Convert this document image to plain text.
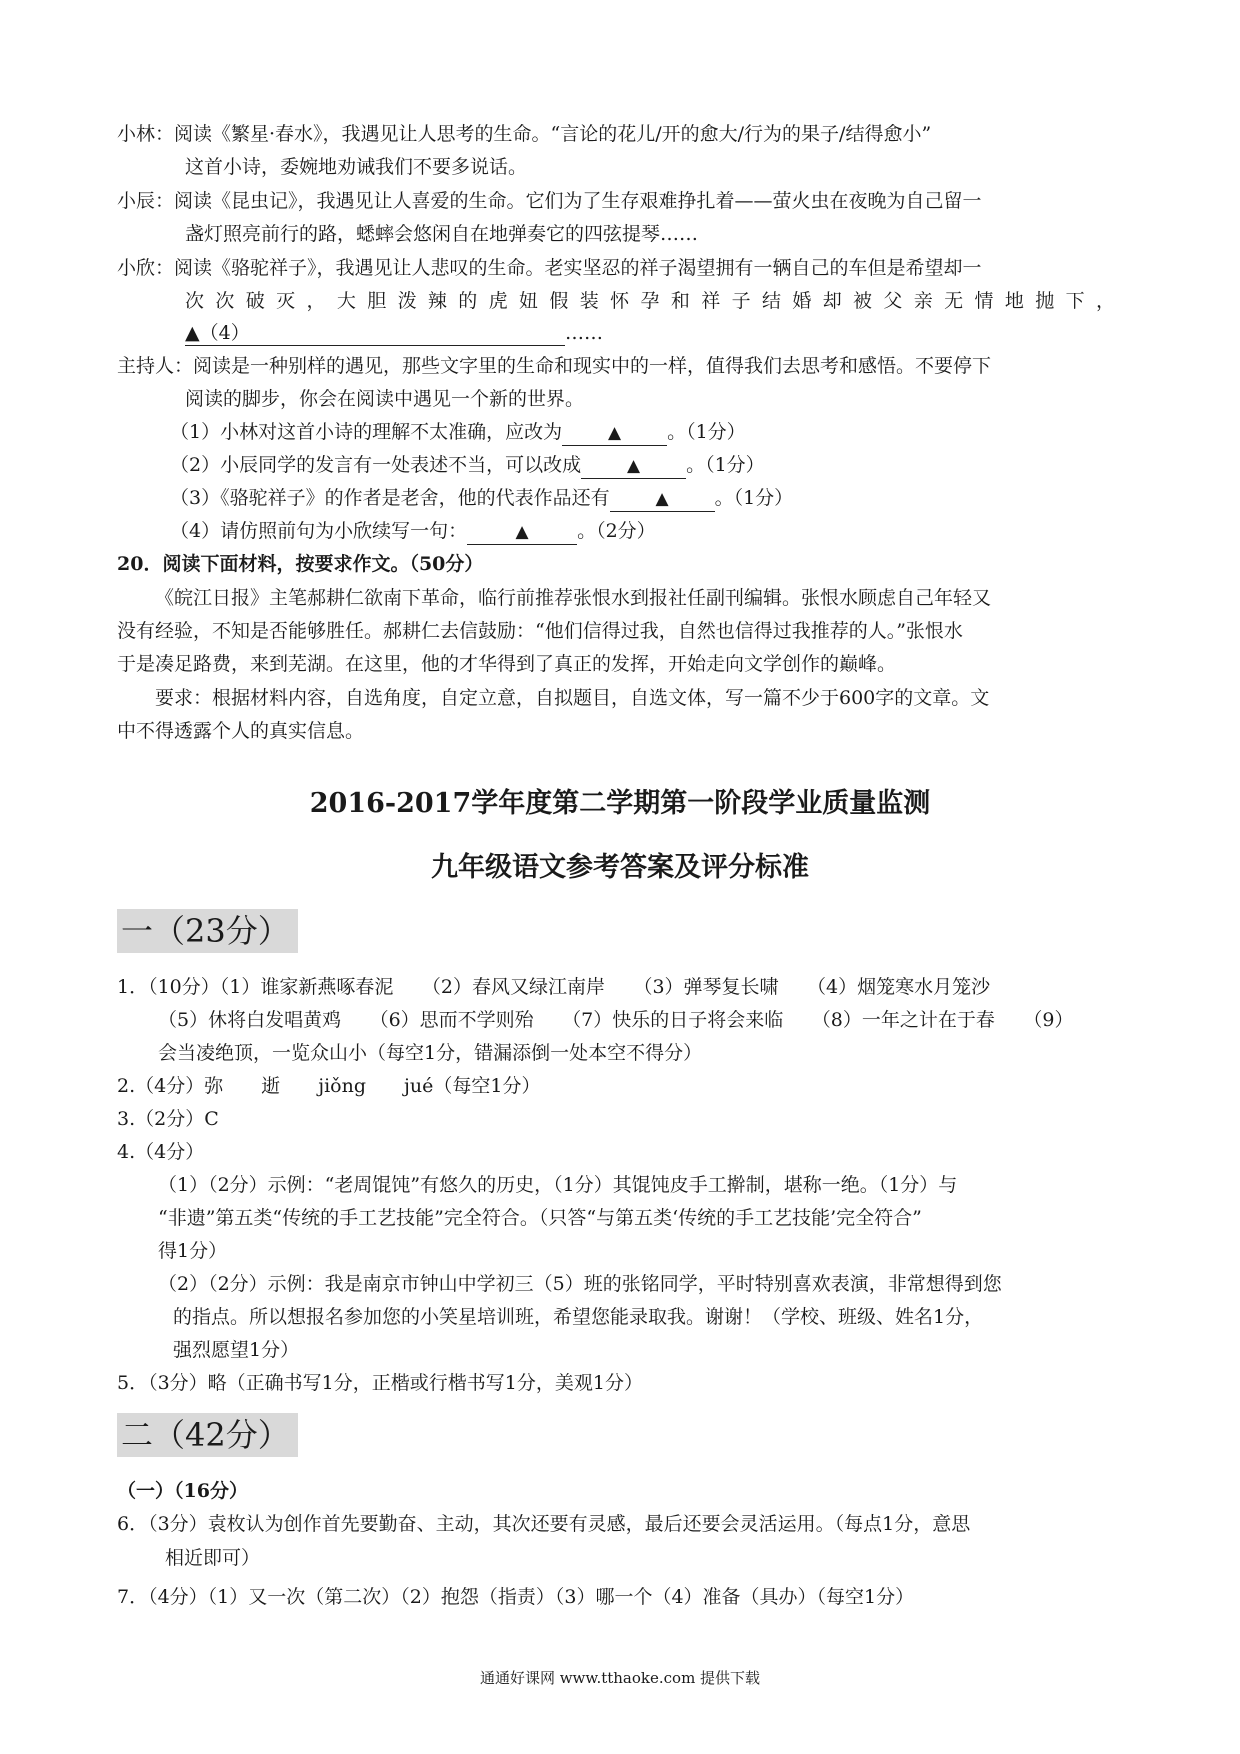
小林：阅读《繁星·春水》，我遇见让人思考的生命。“言论的花儿/开的愈大/行为的果子/结得愈小”
这首小诗，委婉地劝诫我们不要多说话。
小辰：阅读《昆虫记》，我遇见让人喜爱的生命。它们为了生存艰难挣扎着——萤火虫在夜晚为自己留一
盏灯照亮前行的路，蟋蟀会悠闲自在地弹奏它的四弦提琴……
小欣：阅读《骆驼祥子》，我遇见让人悲叹的生命。老实坚忍的祥子渴望拥有一辆自己的车但是希望却一
次次破灭，大胆泼辣的虎妞假装怀孕和祥子结婚却被父亲无情地抛下，
▲（4）	……
主持人：阅读是一种别样的遇见，那些文字里的生命和现实中的一样，值得我们去思考和感悟。不要停下
阅读的脚步，你会在阅读中遇见一个新的世界。
（1）小林对这首小诗的理解不太准确，应改为	▲ 。（1分）
（2）小辰同学的发言有一处表述不当，可以改成	▲ 。（1分）
（3）《骆驼祥子》的作者是老舍，他的代表作品还有	▲ 。（1分）
（4）请仿照前句为小欣续写一句：	▲	。（2分）
20．阅读下面材料，按要求作文。（50分）
《皖江日报》主笔郝耕仁欲南下革命，临行前推荐张恨水到报社任副刊编辑。张恨水顾虑自己年轻又
没有经验，不知是否能够胜任。郝耕仁去信鼓励：“他们信得过我，自然也信得过我推荐的人。”张恨水
于是凑足路费，来到芜湖。在这里，他的才华得到了真正的发挥，开始走向文学创作的巅峰。
要求：根据材料内容，自选角度，自定立意，自拟题目，自选文体，写一篇不少于600字的文章。文
中不得透露个人的真实信息。
2016-2017学年度第二学期第一阶段学业质量监测
九年级语文参考答案及评分标准
一（23分）
1．（10分）（1）谁家新燕啄春泥　　（2）春风又绿江南岸　　（3）弹琴复长啸　　（4）烟笼寒水月笼沙
（5）休将白发唱黄鸡　　（6）思而不学则殆　　（7）快乐的日子将会来临　　（8）一年之计在于春　　（9）
会当凌绝顶，一览众山小（每空1分，错漏添倒一处本空不得分）
2.（4分）弥　　逝　　jiǒng　　jué（每空1分）
3.（2分）C
4.（4分）
（1）（2分）示例：“老周馄饨”有悠久的历史，（1分）其馄饨皮手工擀制，堪称一绝。（1分）与
“非遗”第五类“传统的手工艺技能”完全符合。（只答“与第五类‘传统的手工艺技能’完全符合”
得1分）
（2）（2分）示例：我是南京市钟山中学初三（5）班的张铭同学，平时特别喜欢表演，非常想得到您
的指点。所以想报名参加您的小笑星培训班，希望您能录取我。谢谢！（学校、班级、姓名1分，
强烈愿望1分）
5．（3分）略（正确书写1分，正楷或行楷书写1分，美观1分）
二（42分）
（一）（16分）
6．（3分）袁枚认为创作首先要勤奋、主动，其次还要有灵感，最后还要会灵活运用。（每点1分，意思
相近即可）
7．（4分）（1）又一次（第二次）（2）抱怨（指责）（3）哪一个（4）准备（具办）（每空1分）
通通好课网 www.tthaoke.com 提供下载
